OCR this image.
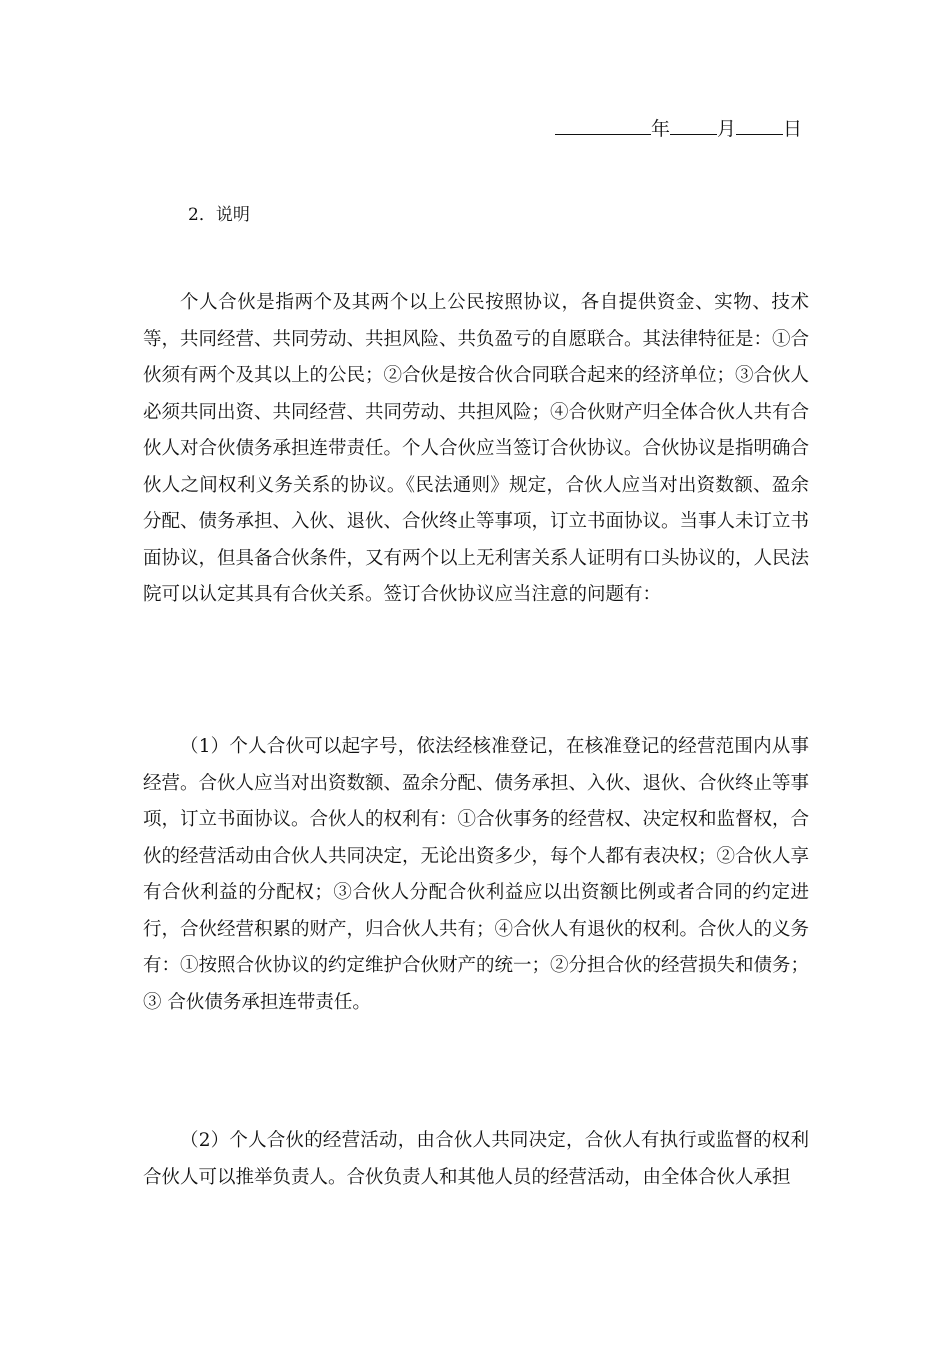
年 月 日
2．说明

个人合伙是指两个及其两个以上公民按照协议，各自提供资金、实物、技术等，共同经营、共同劳动、共担风险、共负盈亏的自愿联合。其法律特征是：①合伙须有两个及其以上的公民；②合伙是按合伙合同联合起来的经济单位；③合伙人必须共同出资、共同经营、共同劳动、共担风险；④合伙财产归全体合伙人共有合伙人对合伙债务承担连带责任。个人合伙应当签订合伙协议。合伙协议是指明确合伙人之间权利义务关系的协议。《民法通则》规定，合伙人应当对出资数额、盈余分配、债务承担、入伙、退伙、合伙终止等事项，订立书面协议。当事人未订立书面协议，但具备合伙条件，又有两个以上无利害关系人证明有口头协议的，人民法院可以认定其具有合伙关系。签订合伙协议应当注意的问题有：

（1）个人合伙可以起字号，依法经核准登记，在核准登记的经营范围内从事经营。合伙人应当对出资数额、盈余分配、债务承担、入伙、退伙、合伙终止等事项，订立书面协议。合伙人的权利有：①合伙事务的经营权、决定权和监督权，合伙的经营活动由合伙人共同决定，无论出资多少，每个人都有表决权；②合伙人享有合伙利益的分配权；③合伙人分配合伙利益应以出资额比例或者合同的约定进行，合伙经营积累的财产，归合伙人共有；④合伙人有退伙的权利。合伙人的义务有：①按照合伙协议的约定维护合伙财产的统一；②分担合伙的经营损失和债务；③ 合伙债务承担连带责任。

（2）个人合伙的经营活动，由合伙人共同决定，合伙人有执行或监督的权利合伙人可以推举负责人。合伙负责人和其他人员的经营活动，由全体合伙人承担
